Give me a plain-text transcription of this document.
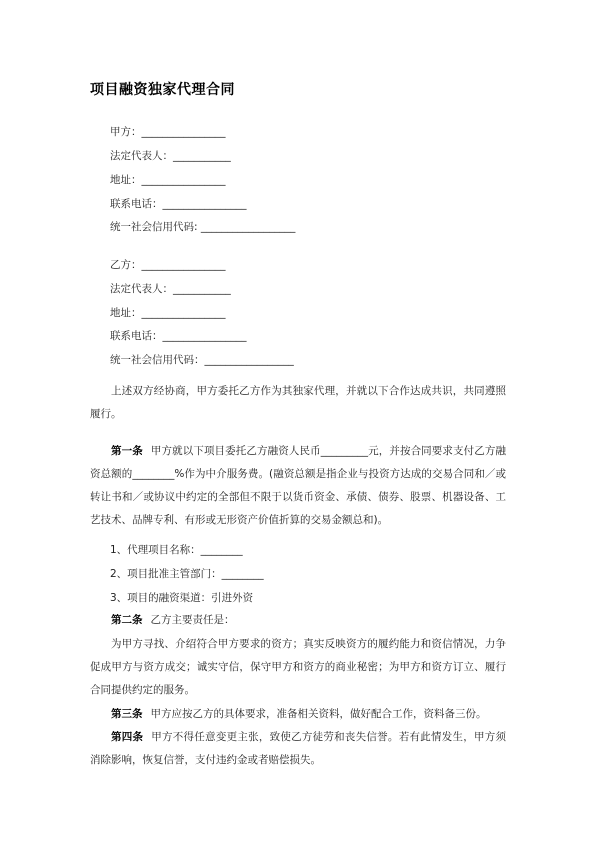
项目融资独家代理合同
甲方：________________
法定代表人：___________
地址：________________
联系电话：________________
统一社会信用代码: __________________
乙方：________________
法定代表人：___________
地址：________________
联系电话：________________
统一社会信用代码：_________________
上述双方经协商，甲方委托乙方作为其独家代理，并就以下合作达成共识，共同遵照履行。
第一条 甲方就以下项目委托乙方融资人民币_________元，并按合同要求支付乙方融资总额的________%作为中介服务费。(融资总额是指企业与投资方达成的交易合同和／或转让书和／或协议中约定的全部但不限于以货币资金、承债、债券、股票、机器设备、工艺技术、品牌专利、有形或无形资产价值折算的交易金额总和)。
1、代理项目名称：________
2、项目批准主管部门：________
3、项目的融资渠道：引进外资
第二条 乙方主要责任是：
为甲方寻找、介绍符合甲方要求的资方；真实反映资方的履约能力和资信情况，力争促成甲方与资方成交；诚实守信，保守甲方和资方的商业秘密；为甲方和资方订立、履行合同提供约定的服务。
第三条 甲方应按乙方的具体要求，准备相关资料，做好配合工作，资料备三份。
第四条 甲方不得任意变更主张，致使乙方徒劳和丧失信誉。若有此情发生，甲方须消除影响，恢复信誉，支付违约金或者赔偿损失。
